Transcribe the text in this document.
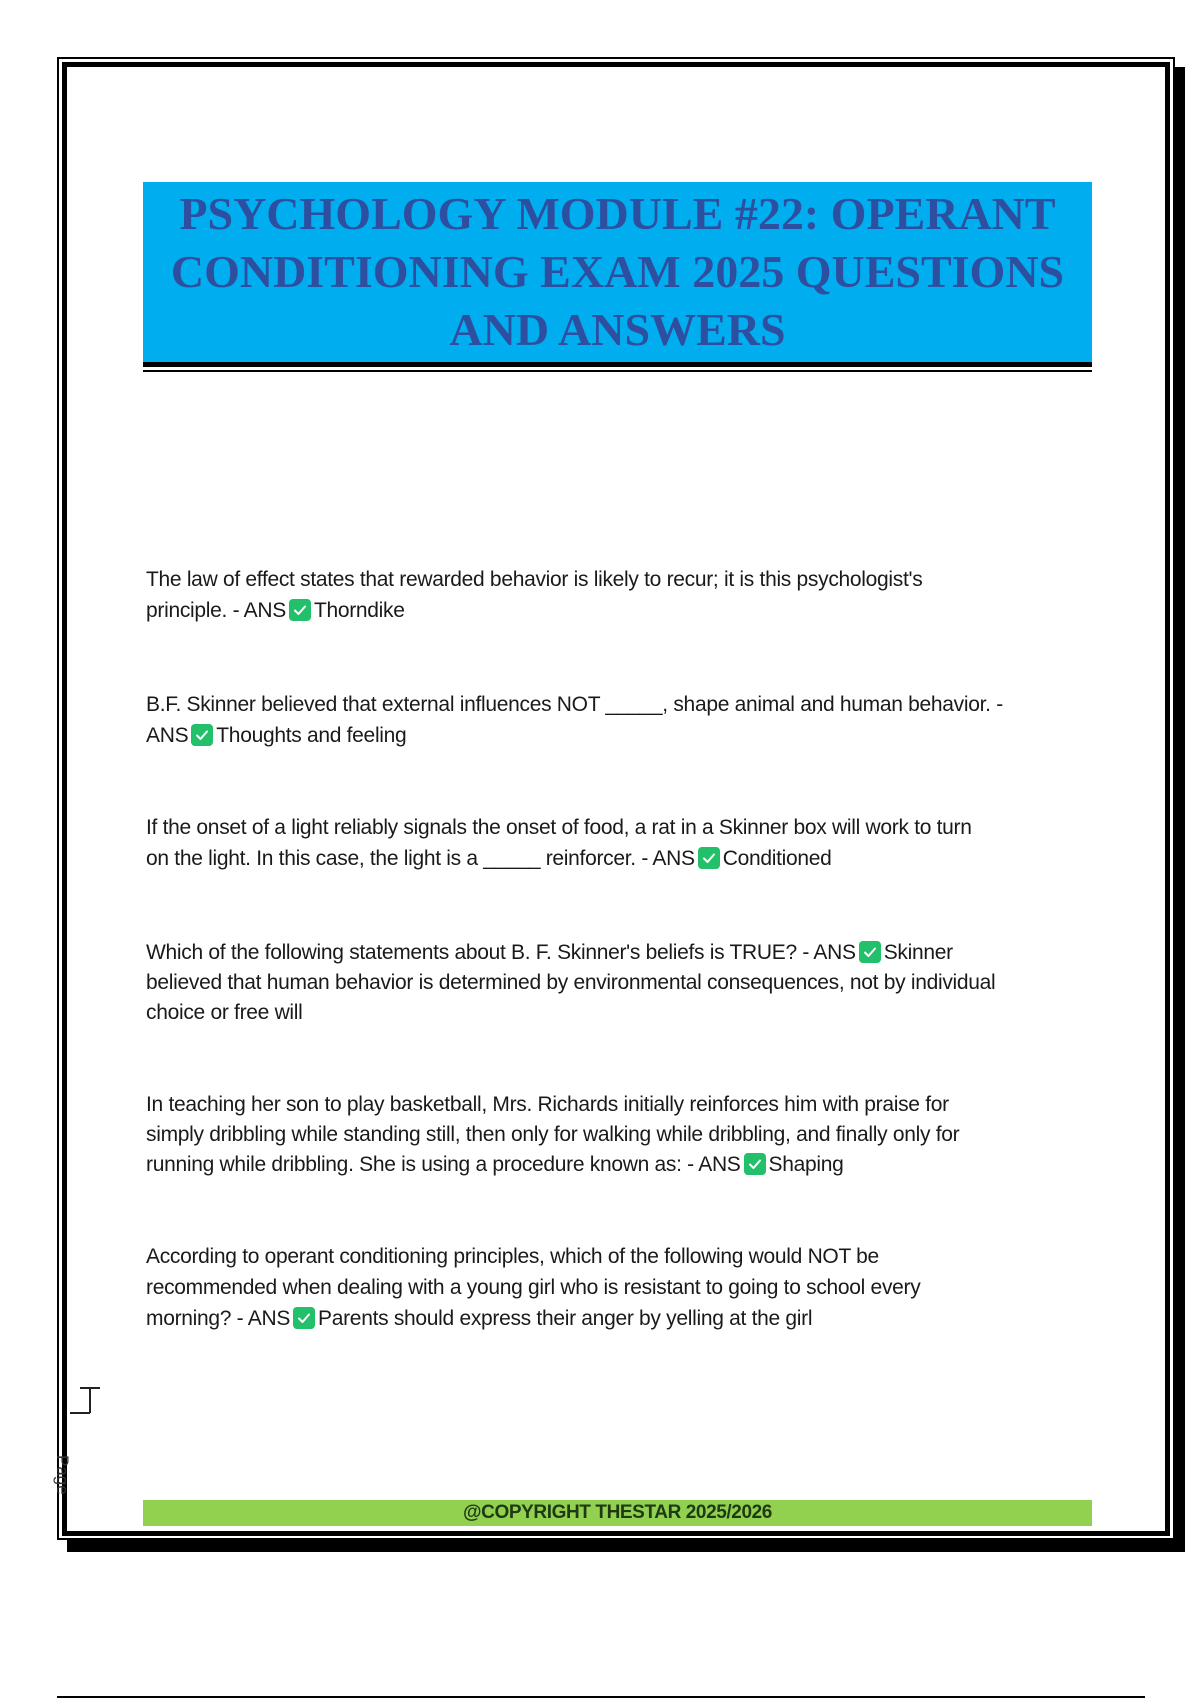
PSYCHOLOGY MODULE #22: OPERANT
CONDITIONING EXAM 2025 QUESTIONS
AND ANSWERS
The law of effect states that rewarded behavior is likely to recur; it is this psychologist's
principle. - ANS Thorndike
B.F. Skinner believed that external influences NOT _____, shape animal and human behavior. -
ANS Thoughts and feeling
If the onset of a light reliably signals the onset of food, a rat in a Skinner box will work to turn
on the light. In this case, the light is a _____ reinforcer. - ANS Conditioned
Which of the following statements about B. F. Skinner's beliefs is TRUE? - ANS Skinner
believed that human behavior is determined by environmental consequences, not by individual
choice or free will
In teaching her son to play basketball, Mrs. Richards initially reinforces him with praise for
simply dribbling while standing still, then only for walking while dribbling, and finally only for
running while dribbling. She is using a procedure known as: - ANS Shaping
According to operant conditioning principles, which of the following would NOT be
recommended when dealing with a young girl who is resistant to going to school every
morning? - ANS Parents should express their anger by yelling at the girl
Page
@COPYRIGHT THESTAR 2025/2026
